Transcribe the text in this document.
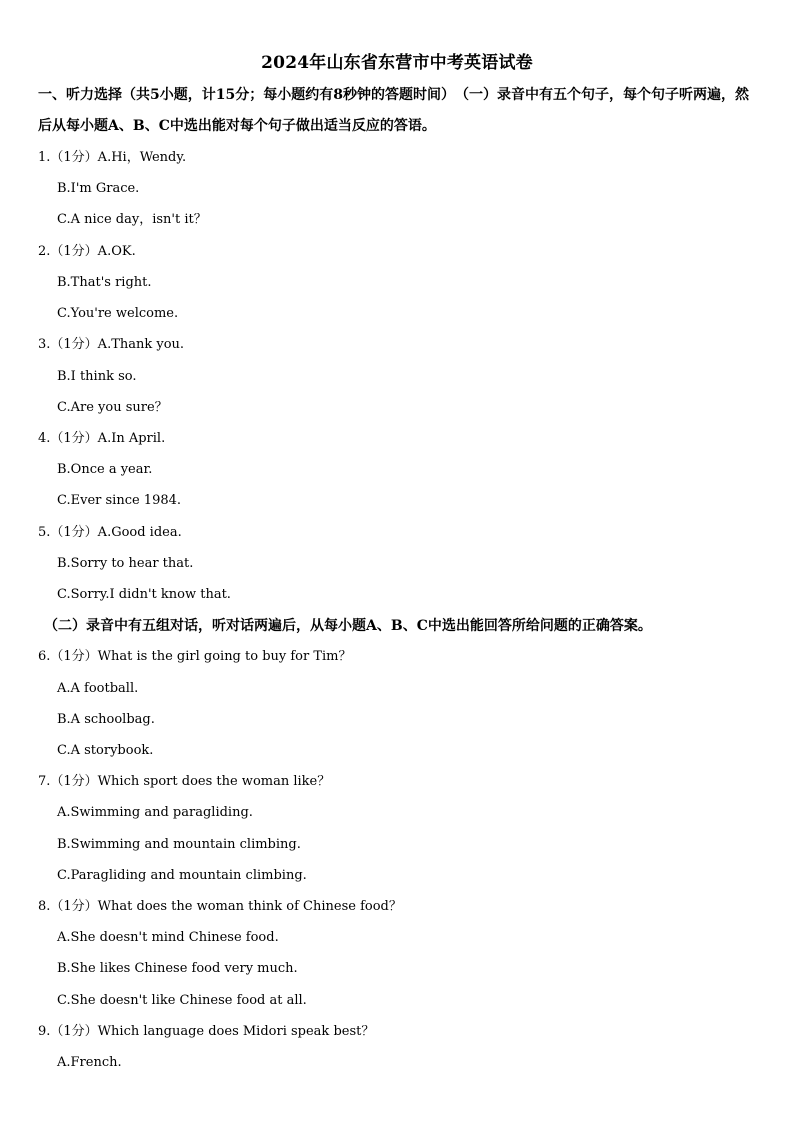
2024年山东省东营市中考英语试卷
一、听力选择（共5小题，计15分；每小题约有8秒钟的答题时间）　（一）录音中有五个句子，每个句子听两遍，然后从每小题A、B、C中选出能对每个句子做出适当反应的答语。
1.（1分）A.Hi，Wendy.
B.I'm Grace.
C.A nice day，isn't it？
2.（1分）A.OK.
B.That's right.
C.You're welcome.
3.（1分）A.Thank you.
B.I think so.
C.Are you sure？
4.（1分）A.In April.
B.Once a year.
C.Ever since 1984.
5.（1分）A.Good idea.
B.Sorry to hear that.
C.Sorry.I didn't know that.
（二）录音中有五组对话，听对话两遍后，从每小题A、B、C中选出能回答所给问题的正确答案。
6.（1分）What is the girl going to buy for Tim？
A.A football.
B.A schoolbag.
C.A storybook.
7.（1分）Which sport does the woman like？
A.Swimming and paragliding.
B.Swimming and mountain climbing.
C.Paragliding and mountain climbing.
8.（1分）What does the woman think of Chinese food？
A.She doesn't mind Chinese food.
B.She likes Chinese food very much.
C.She doesn't like Chinese food at all.
9.（1分）Which language does Midori speak best？
A.French.
